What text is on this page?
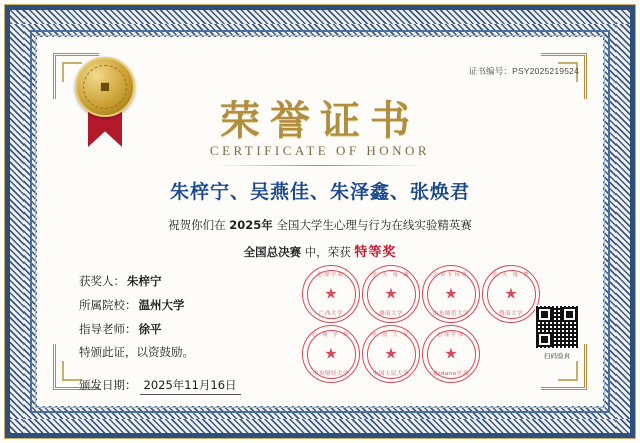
证书编号：PSY2025219524
■
荣誉证书
CERTIFICATE OF HONOR
朱梓宁、吴燕佳、朱泽鑫、张焕君
祝贺你们在 2025年 全国大学生心理与行为在线实验精英赛
全国总决赛 中，荣获 特等奖
获奖人： 朱梓宁
所属院校： 温州大学
指导老师： 徐平
特颁此证，以资鼓励。
颁发日期： 2025年11月16日
心理学院
★
广西大学
学 大 南 湖
★
湖南大学
公章专用章
★
山东师范大学
学 大 南 暨
★
暨南大学
心 理 学 院
★
中央财经大学
中 国 人 民
★
中国人民大学
心理学部
★
Ordano贝高
扫码验真
